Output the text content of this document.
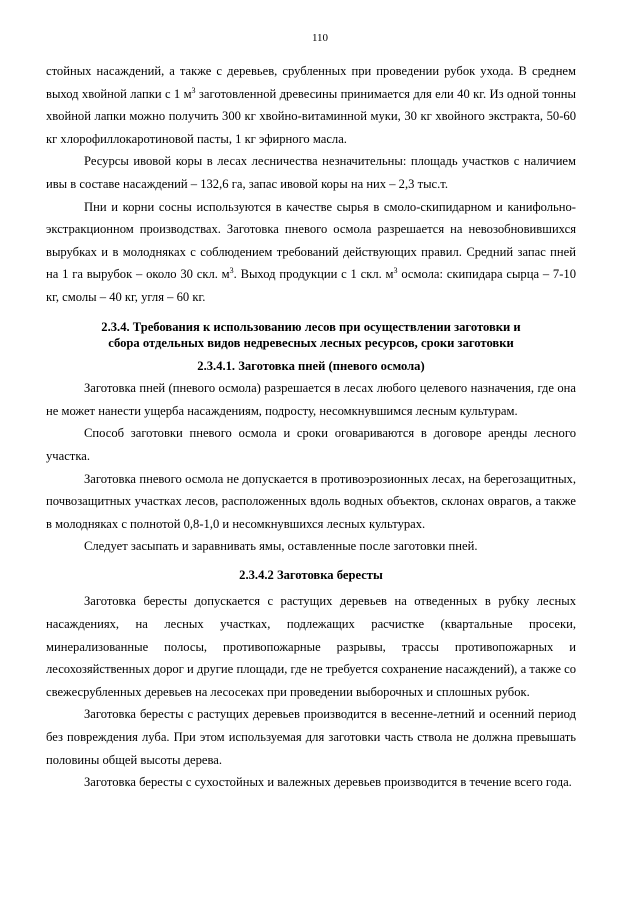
110

стойных насаждений, а также с деревьев, срубленных при проведении рубок ухода. В среднем выход хвойной лапки с 1 $м^3$ заготовленной древесины принимается для ели 40 кг. Из одной тонны хвойной лапки можно получить 300 кг хвойно-витаминной муки, 30 кг хвойного экстракта, 50-60 кг хлорофиллокаротиновой пасты, 1 кг эфирного масла.

Ресурсы ивовой коры в лесах лесничества незначительны: площадь участков с наличием ивы в составе насаждений – 132,6 га, запас ивовой коры на них – 2,3 тыс.т.

Пни и корни сосны используются в качестве сырья в смоло-скипидарном и канифольно-экстракционном производствах. Заготовка пневого осмола разрешается на невозобновившихся вырубках и в молодняках с соблюдением требований действующих правил. Средний запас пней на 1 га вырубок – около 30 скл. $м^3$. Выход продукции с 1 скл. $м^3$ осмола: скипидара сырца – 7-10 кг, смолы – 40 кг, угля – 60 кг.

2.3.4. Требования к использованию лесов при осуществлении заготовки и
сбора отдельных видов недревесных лесных ресурсов, сроки заготовки

2.3.4.1. Заготовка пней (пневого осмола)

Заготовка пней (пневого осмола) разрешается в лесах любого целевого назначения, где она не может нанести ущерба насаждениям, подросту, несомкнувшимся лесным культурам.

Способ заготовки пневого осмола и сроки оговариваются в договоре аренды лесного участка.

Заготовка пневого осмола не допускается в противоэрозионных лесах, на берегозащитных, почвозащитных участках лесов, расположенных вдоль водных объектов, склонах оврагов, а также в молодняках с полнотой 0,8-1,0 и несомкнувшихся лесных культурах.

Следует засыпать и заравнивать ямы, оставленные после заготовки пней.

2.3.4.2 Заготовка бересты

Заготовка бересты допускается с растущих деревьев на отведенных в рубку лесных насаждениях, на лесных участках, подлежащих расчистке (квартальные просеки, минерализованные полосы, противопожарные разрывы, трассы противопожарных и лесохозяйственных дорог и другие площади, где не требуется сохранение насаждений), а также со свежесрубленных деревьев на лесосеках при проведении выборочных и сплошных рубок.

Заготовка бересты с растущих деревьев производится в весенне-летний и осенний период без повреждения луба. При этом используемая для заготовки часть ствола не должна превышать половины общей высоты дерева.

Заготовка бересты с сухостойных и валежных деревьев производится в течение всего года.
